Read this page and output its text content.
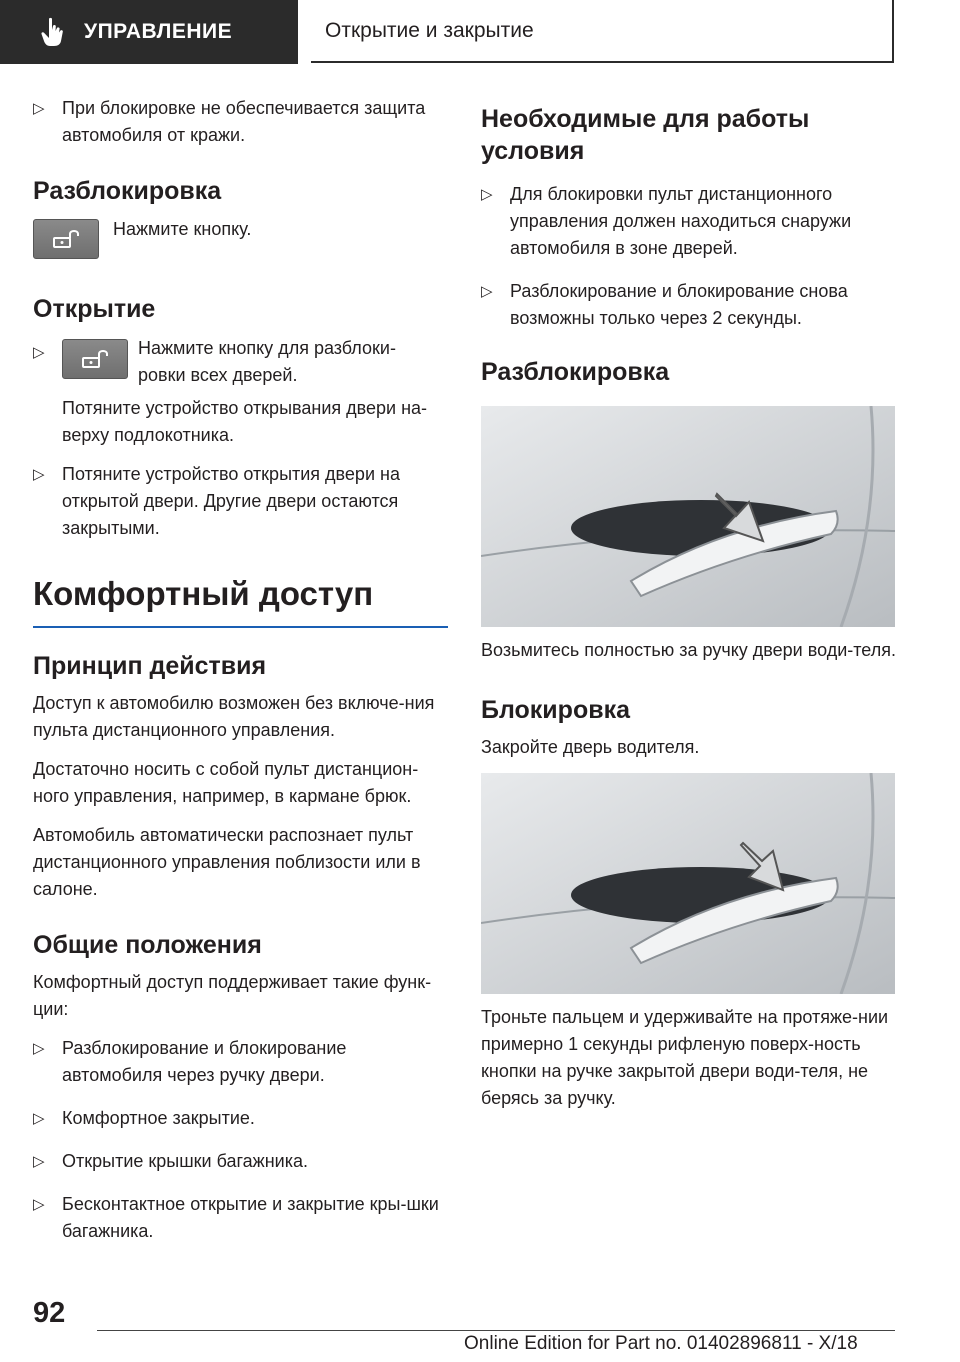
УПРАВЛЕНИЕ	Открытие и закрытие
▷ При блокировке не обеспечивается защита автомобиля от кражи.
Разблокировка

Нажмите кнопку.

Открытие
▷ Нажмите кнопку для разблоки-ровки всех дверей.

Потяните устройство открывания двери на-верху подлокотника.

▷ Потяните устройство открытия двери на открытой двери. Другие двери остаются закрытыми.
Комфортный доступ
Принцип действия

Доступ к автомобилю возможен без включе-ния пульта дистанционного управления.

Достаточно носить с собой пульт дистанцион-ного управления, например, в кармане брюк.

Автомобиль автоматически распознает пульт дистанционного управления поблизости или в салоне.

Общие положения

Комфортный доступ поддерживает такие функ-ции:

▷ Разблокирование и блокирование автомобиля через ручку двери.
▷ Комфортное закрытие.
▷ Открытие крышки багажника.
▷ Бесконтактное открытие и закрытие кры-шки багажника.
Необходимые для работы условия
▷ Для блокировки пульт дистанционного управления должен находиться снаружи автомобиля в зоне дверей.
▷ Разблокирование и блокирование снова возможны только через 2 секунды.
Разблокировка

Возьмитесь полностью за ручку двери води-теля.

Блокировка

Закройте дверь водителя.

Троньте пальцем и удерживайте на протяже-нии примерно 1 секунды рифленую поверх-ность кнопки на ручке закрытой двери води-теля, не берясь за ручку.

92
Online Edition for Part no. 01402896811 - X/18
